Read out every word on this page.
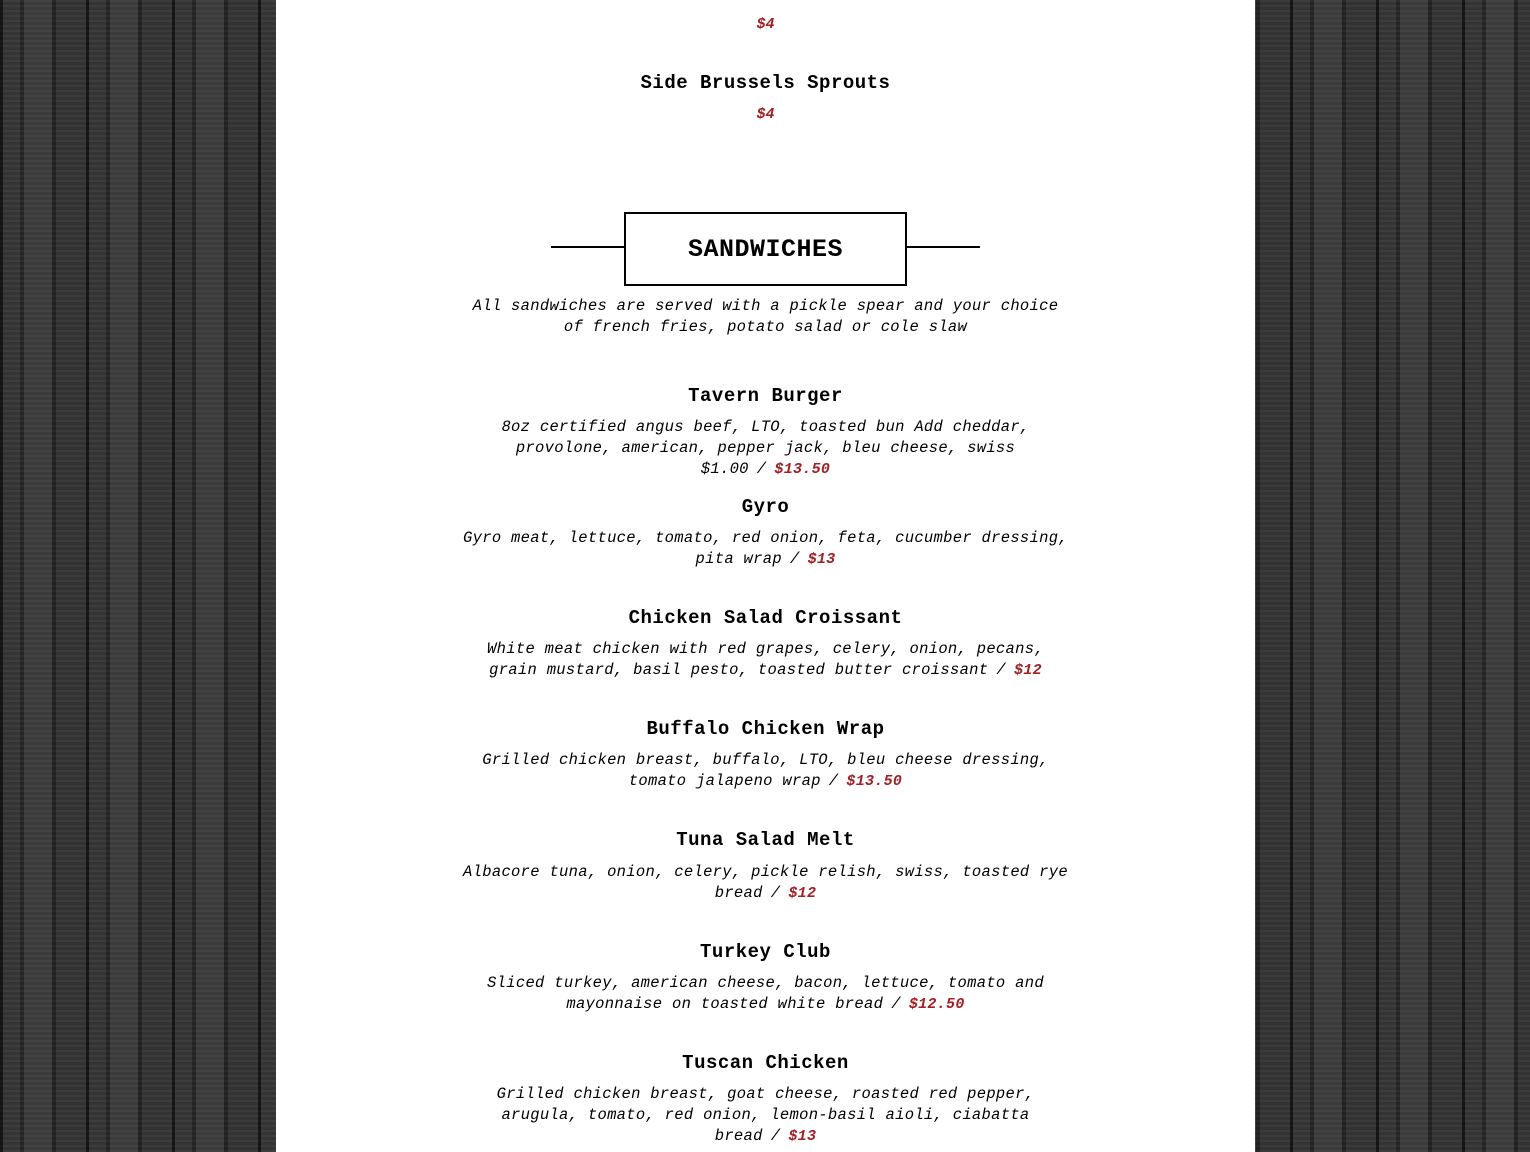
$4
Side Brussels Sprouts
$4
SANDWICHES
All sandwiches are served with a pickle spear and your choice of french fries, potato salad or cole slaw
Tavern Burger
8oz certified angus beef, LTO, toasted bun Add cheddar, provolone, american, pepper jack, bleu cheese, swiss $1.00 / $13.50
Gyro
Gyro meat, lettuce, tomato, red onion, feta, cucumber dressing, pita wrap / $13
Chicken Salad Croissant
White meat chicken with red grapes, celery, onion, pecans, grain mustard, basil pesto, toasted butter croissant / $12
Buffalo Chicken Wrap
Grilled chicken breast, buffalo, LTO, bleu cheese dressing, tomato jalapeno wrap / $13.50
Tuna Salad Melt
Albacore tuna, onion, celery, pickle relish, swiss, toasted rye bread / $12
Turkey Club
Sliced turkey, american cheese, bacon, lettuce, tomato and mayonnaise on toasted white bread / $12.50
Tuscan Chicken
Grilled chicken breast, goat cheese, roasted red pepper, arugula, tomato, red onion, lemon-basil aioli, ciabatta bread / $13
